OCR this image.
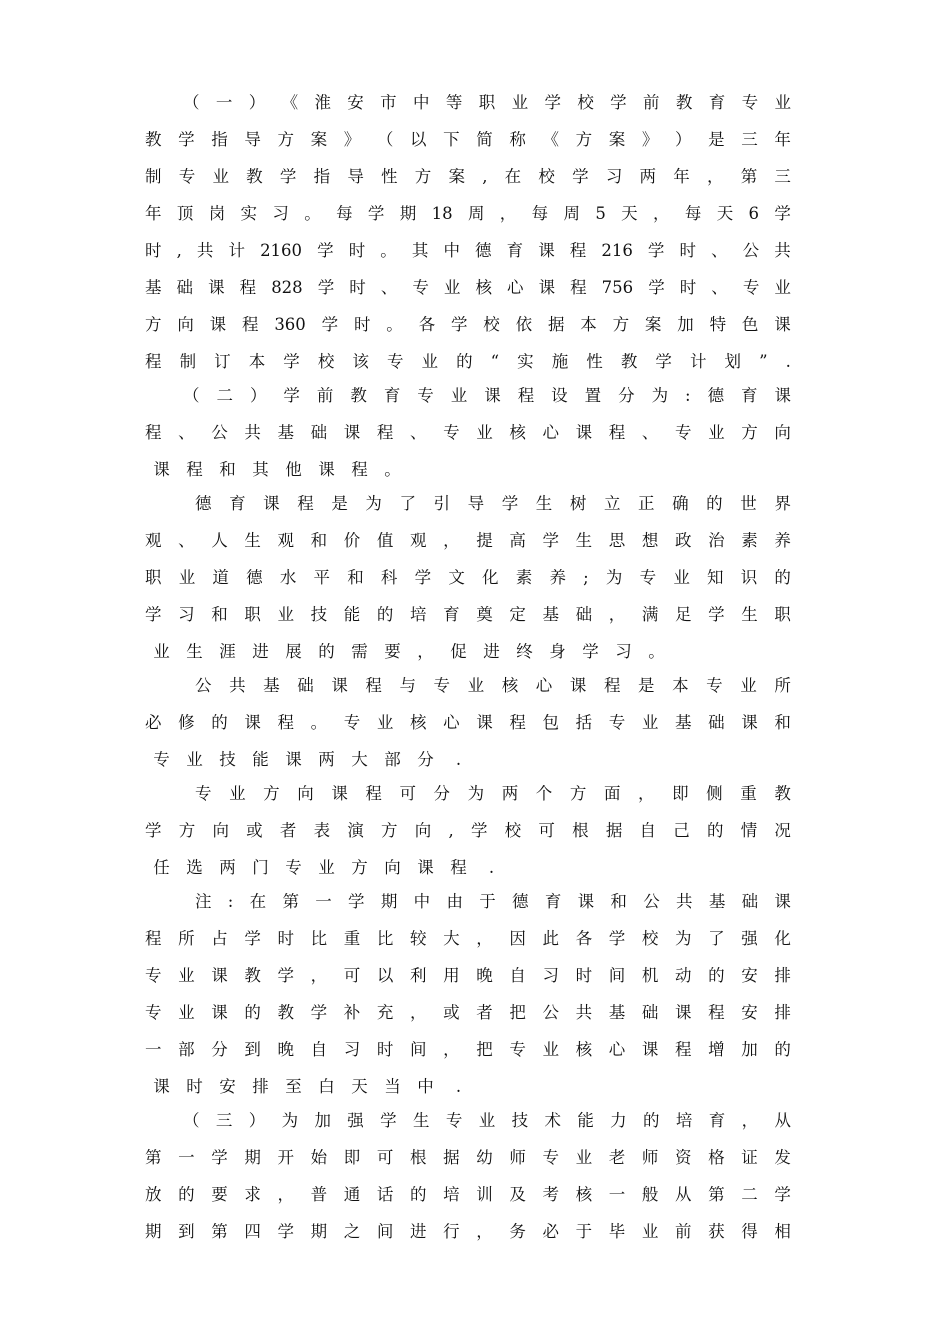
（ 一 ） 《 淮 安 市 中 等 职 业 学 校 学 前 教 育 专 业
教 学 指 导 方 案 》 （ 以 下 简 称 《 方 案 》 ） 是 三 年
制 专 业 教 学 指 导 性 方 案 , 在 校 学 习 两 年 ， 第 三
年 顶 岗 实 习 。 每 学 期 18 周 ， 每 周 5 天 ， 每 天 6 学
时 , 共 计 2160 学 时 。 其 中 德 育 课 程 216 学 时 、 公 共
基 础 课 程 828 学 时 、 专 业 核 心 课 程 756 学 时 、 专 业
方 向 课 程 360 学 时 。 各 学 校 依 据 本 方 案 加 特 色 课
程 制 订 本 学 校 该 专 业 的 “ 实 施 性 教 学 计 划 ” .
（ 二 ） 学 前 教 育 专 业 课 程 设 置 分 为 : 德 育 课
程 、 公 共 基 础 课 程 、 专 业 核 心 课 程 、 专 业 方 向
课	程	和	其	他	课	程	。
德 育 课 程 是 为 了 引 导 学 生 树 立 正 确 的 世 界
观 、 人 生 观 和 价 值 观 ， 提 高 学 生 思 想 政 治 素 养
职 业 道 德 水 平 和 科 学 文 化 素 养 ; 为 专 业 知 识 的
学 习 和 职 业 技 能 的 培 育 奠 定 基 础 ， 满 足 学 生 职
业	生	涯	进	展	的	需	要	，	促	进	终	身	学	习	。
公 共 基 础 课 程 与 专 业 核 心 课 程 是 本 专 业 所
必 修 的 课 程 。 专 业 核 心 课 程 包 括 专 业 基 础 课 和
专	业	技	能	课	两	大	部	分	.
专 业 方 向 课 程 可 分 为 两 个 方 面 ， 即 侧 重 教
学 方 向 或 者 表 演 方 向 , 学 校 可 根 据 自 己 的 情 况
任	选	两	门	专	业	方	向	课	程	.
注 : 在 第 一 学 期 中 由 于 德 育 课 和 公 共 基 础 课
程 所 占 学 时 比 重 比 较 大 ， 因 此 各 学 校 为 了 强 化
专 业 课 教 学 ， 可 以 利 用 晚 自 习 时 间 机 动 的 安 排
专 业 课 的 教 学 补 充 ， 或 者 把 公 共 基 础 课 程 安 排
一 部 分 到 晚 自 习 时 间 ， 把 专 业 核 心 课 程 增 加 的
课	时	安	排	至	白	天	当	中	.
（ 三 ） 为 加 强 学 生 专 业 技 术 能 力 的 培 育 ， 从
第 一 学 期 开 始 即 可 根 据 幼 师 专 业 老 师 资 格 证 发
放 的 要 求 ， 普 通 话 的 培 训 及 考 核 一 般 从 第 二 学
期 到 第 四 学 期 之 间 进 行 ， 务 必 于 毕 业 前 获 得 相
